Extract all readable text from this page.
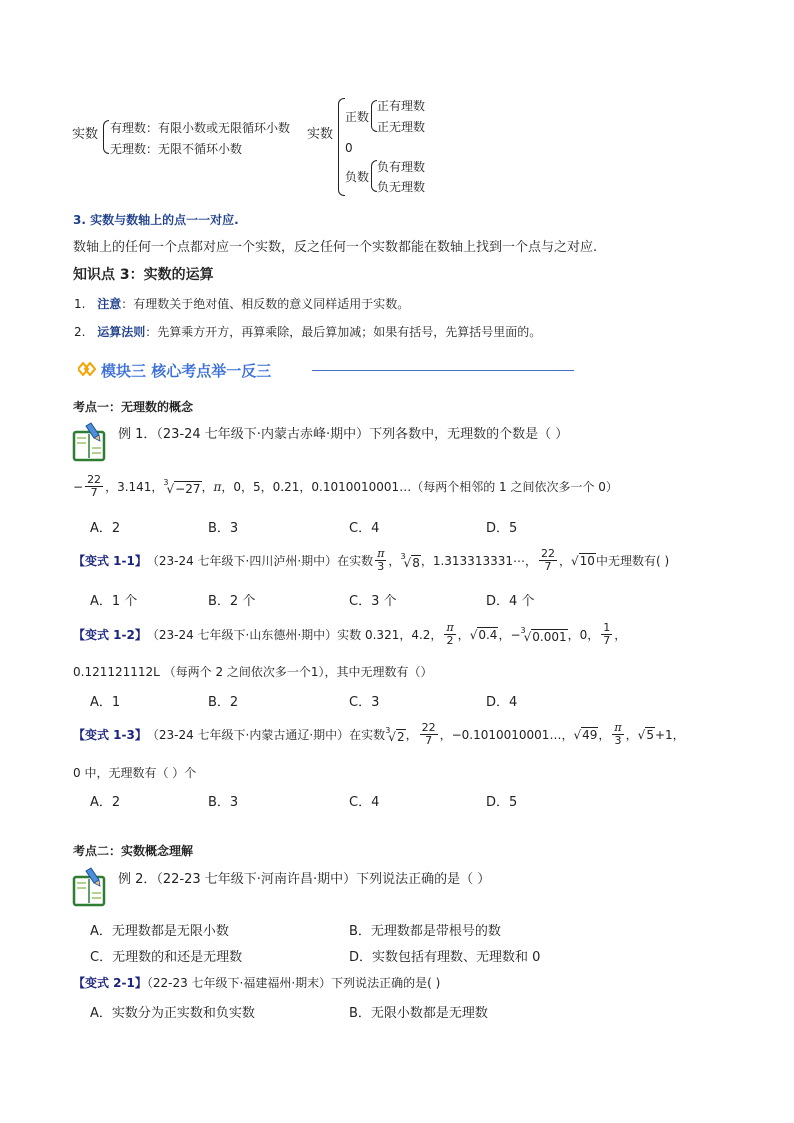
实数 有理数：有限小数或无限循环小数
无理数：无限不循环小数
实数
正数
0
负数
正有理数
正无理数
负有理数
负无理数
3. 实数与数轴上的点一一对应.
数轴上的任何一个点都对应一个实数，反之任何一个实数都能在数轴上找到一个点与之对应.
知识点 3：实数的运算
1. 注意：有理数关于绝对值、相反数的意义同样适用于实数。
2. 运算法则：先算乘方开方，再算乘除，最后算加减；如果有括号，先算括号里面的。
模块三 核心考点举一反三
考点一：无理数的概念
例 1．（23-24 七年级下·内蒙古赤峰·期中）下列各数中，无理数的个数是（ ）
− $\frac{22}{7}$ ，3.141， $^3$√−27 ， π ，0，5，0.21，0.1010010001…（每两个相邻的 1 之间依次多一个 0）
A．2	B．3	C．4	D．5
【变式 1-1】 （23-24 七年级下·四川泸州·期中）在实数 $\frac{\pi}{3}$ ， $^3$√8 ，1.313313331⋯， $\frac{22}{7}$ ， √10 中无理数有( )
A．1 个	B．2 个	C．3 个	D．4 个
【变式 1-2】 （23-24 七年级下·山东德州·期中）实数 0.321，4.2， $\frac{\pi}{2}$ ， √0.4 ，− $^3$√0.001 ，0， $\frac{1}{7}$ ，
0.121121112L （每两个 2 之间依次多一个1），其中无理数有（）
A．1	B．2	C．3	D．4
【变式 1-3】 （23-24 七年级下·内蒙古通辽·期中）在实数 $^3$√2 ， $\frac{22}{7}$ ，−0.1010010001…， √49 ， $\frac{\pi}{3}$ ， √5 +1，
0 中，无理数有（ ）个
A．2	B．3	C．4	D．5
考点二：实数概念理解
例 2．（22-23 七年级下·河南许昌·期中）下列说法正确的是（ ）
A．无理数都是无限小数	B．无理数都是带根号的数
C．无理数的和还是无理数	D．实数包括有理数、无理数和 0
【变式 2-1】（22-23 七年级下·福建福州·期末）下列说法正确的是( )
A．实数分为正实数和负实数	B．无限小数都是无理数
